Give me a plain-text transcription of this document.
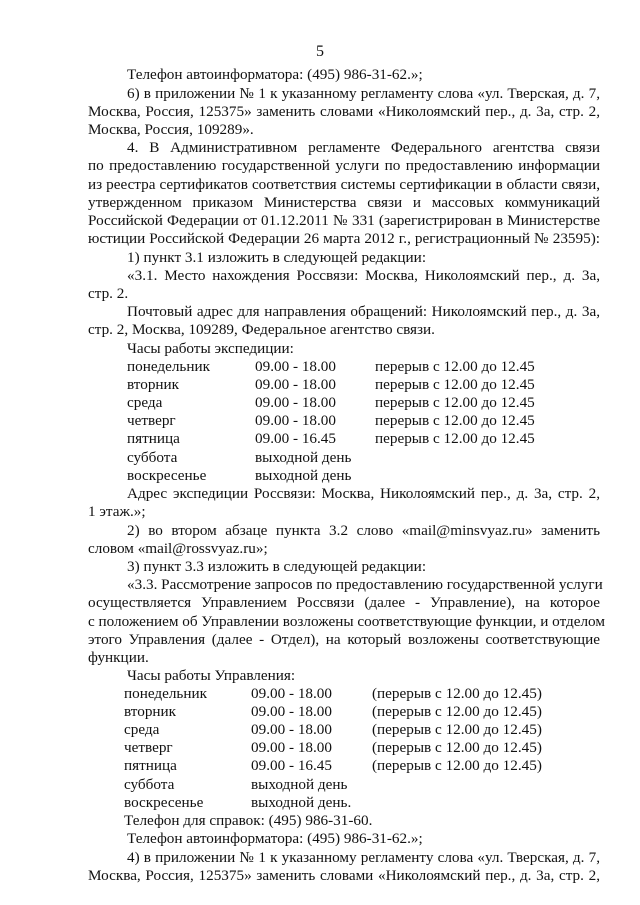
5
Телефон автоинформатора: (495) 986-31-62.»;
6) в приложении № 1 к указанному регламенту слова «ул. Тверская, д. 7,
Москва, Россия, 125375» заменить словами «Николоямский пер., д. 3а, стр. 2,
Москва, Россия, 109289».
4. В Административном регламенте Федерального агентства связи
по предоставлению государственной услуги по предоставлению информации
из реестра сертификатов соответствия системы сертификации в области связи,
утвержденном приказом Министерства связи и массовых коммуникаций
Российской Федерации от 01.12.2011 № 331 (зарегистрирован в Министерстве
юстиции Российской Федерации 26 марта 2012 г., регистрационный № 23595):
1) пункт 3.1 изложить в следующей редакции:
«3.1. Место нахождения Россвязи: Москва, Николоямский пер., д. 3а,
стр. 2.
Почтовый адрес для направления обращений: Николоямский пер., д. 3а,
стр. 2, Москва, 109289, Федеральное агентство связи.
Часы работы экспедиции:
понедельник	09.00 - 18.00	перерыв с 12.00 до 12.45
вторник	09.00 - 18.00	перерыв с 12.00 до 12.45
среда	09.00 - 18.00	перерыв с 12.00 до 12.45
четверг	09.00 - 18.00	перерыв с 12.00 до 12.45
пятница	09.00 - 16.45	перерыв с 12.00 до 12.45
суббота	выходной день
воскресенье	выходной день
Адрес экспедиции Россвязи: Москва, Николоямский пер., д. 3а, стр. 2,
1 этаж.»;
2) во втором абзаце пункта 3.2 слово «mail@minsvyaz.ru» заменить
словом «mail@rossvyaz.ru»;
3) пункт 3.3 изложить в следующей редакции:
«3.3. Рассмотрение запросов по предоставлению государственной услуги
осуществляется Управлением Россвязи (далее - Управление), на которое
с положением об Управлении возложены соответствующие функции, и отделом
этого Управления (далее - Отдел), на который возложены соответствующие
функции.
Часы работы Управления:
понедельник	09.00 - 18.00	(перерыв с 12.00 до 12.45)
вторник	09.00 - 18.00	(перерыв с 12.00 до 12.45)
среда	09.00 - 18.00	(перерыв с 12.00 до 12.45)
четверг	09.00 - 18.00	(перерыв с 12.00 до 12.45)
пятница	09.00 - 16.45	(перерыв с 12.00 до 12.45)
суббота	выходной день
воскресенье	выходной день.
Телефон для справок: (495) 986-31-60.
Телефон автоинформатора: (495) 986-31-62.»;
4) в приложении № 1 к указанному регламенту слова «ул. Тверская, д. 7,
Москва, Россия, 125375» заменить словами «Николоямский пер., д. 3а, стр. 2,
